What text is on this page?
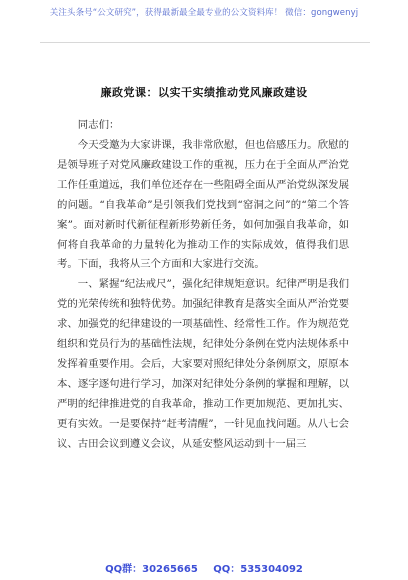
关注头条号“公文研究”，获得最新最全最专业的公文资料库！ 微信：gongwenyj
廉政党课：以实干实绩推动党风廉政建设
同志们：

今天受邀为大家讲课，我非常欣慰，但也倍感压力。欣慰的是领导班子对党风廉政建设工作的重视，压力在于全面从严治党工作任重道远，我们单位还存在一些阻碍全面从严治党纵深发展的问题。“自我革命”是引领我们党找到“窑洞之问”的“第二个答案”。面对新时代新征程新形势新任务，如何加强自我革命，如何将自我革命的力量转化为推动工作的实际成效，值得我们思考。下面，我将从三个方面和大家进行交流。

一、紧握“纪法戒尺”，强化纪律规矩意识。纪律严明是我们党的光荣传统和独特优势。加强纪律教育是落实全面从严治党要求、加强党的纪律建设的一项基础性、经常性工作。作为规范党组织和党员行为的基础性法规，纪律处分条例在党内法规体系中发挥着重要作用。会后，大家要对照纪律处分条例原文，原原本本、逐字逐句进行学习，加深对纪律处分条例的掌握和理解，以严明的纪律推进党的自我革命，推动工作更加规范、更加扎实、更有实效。一是要保持“赶考清醒”，一针见血找问题。从八七会议、古田会议到遵义会议，从延安整风运动到十一届三

QQ群：30265665 QQ：535304092
